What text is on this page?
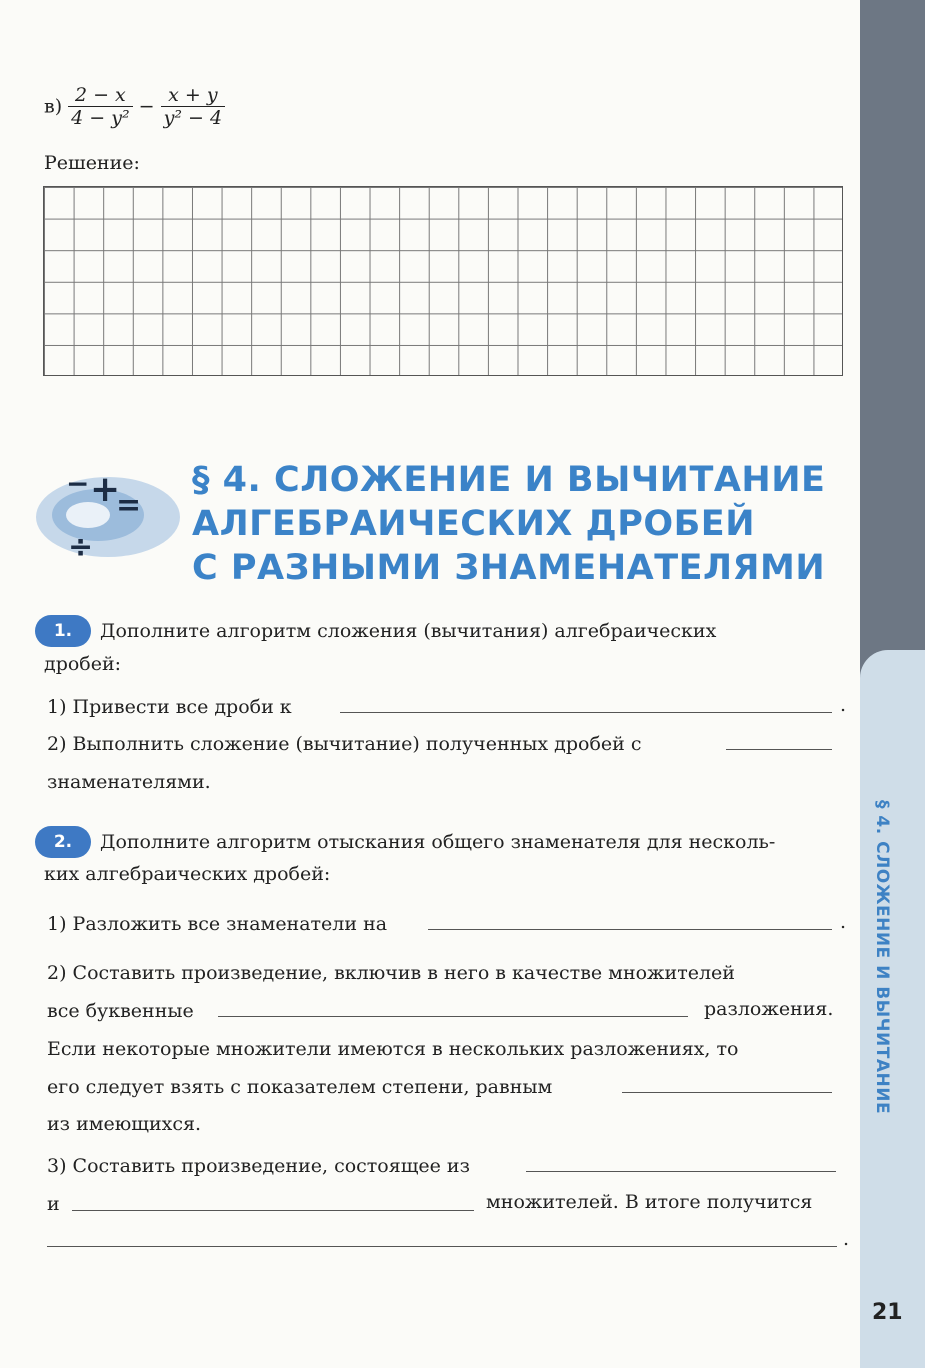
§ 4. СЛОЖЕНИЕ И ВЫЧИТАНИЕ
21
$в) \frac{2 - x}{\text{4 − y²}} - \frac{x + y}{\text{y² − 4}}$
Решение:
− +
=
÷
§ 4. СЛОЖЕНИЕ И ВЫЧИТАНИЕ
АЛГЕБРАИЧЕСКИХ ДРОБЕЙ
С РАЗНЫМИ ЗНАМЕНАТЕЛЯМИ
1.	Дополните алгоритм сложения (вычитания) алгебраических
дробей:
1) Привести все дроби к	.
2) Выполнить сложение (вычитание) полученных дробей с
знаменателями.
2.	Дополните алгоритм отыскания общего знаменателя для несколь-
ких алгебраических дробей:
1) Разложить все знаменатели на	.
2) Составить произведение, включив в него в качестве множителей
все буквенные	разложения.
Если некоторые множители имеются в нескольких разложениях, то
его следует взять с показателем степени, равным
из имеющихся.
3) Составить произведение, состоящее из
и	множителей. В итоге получится
.
